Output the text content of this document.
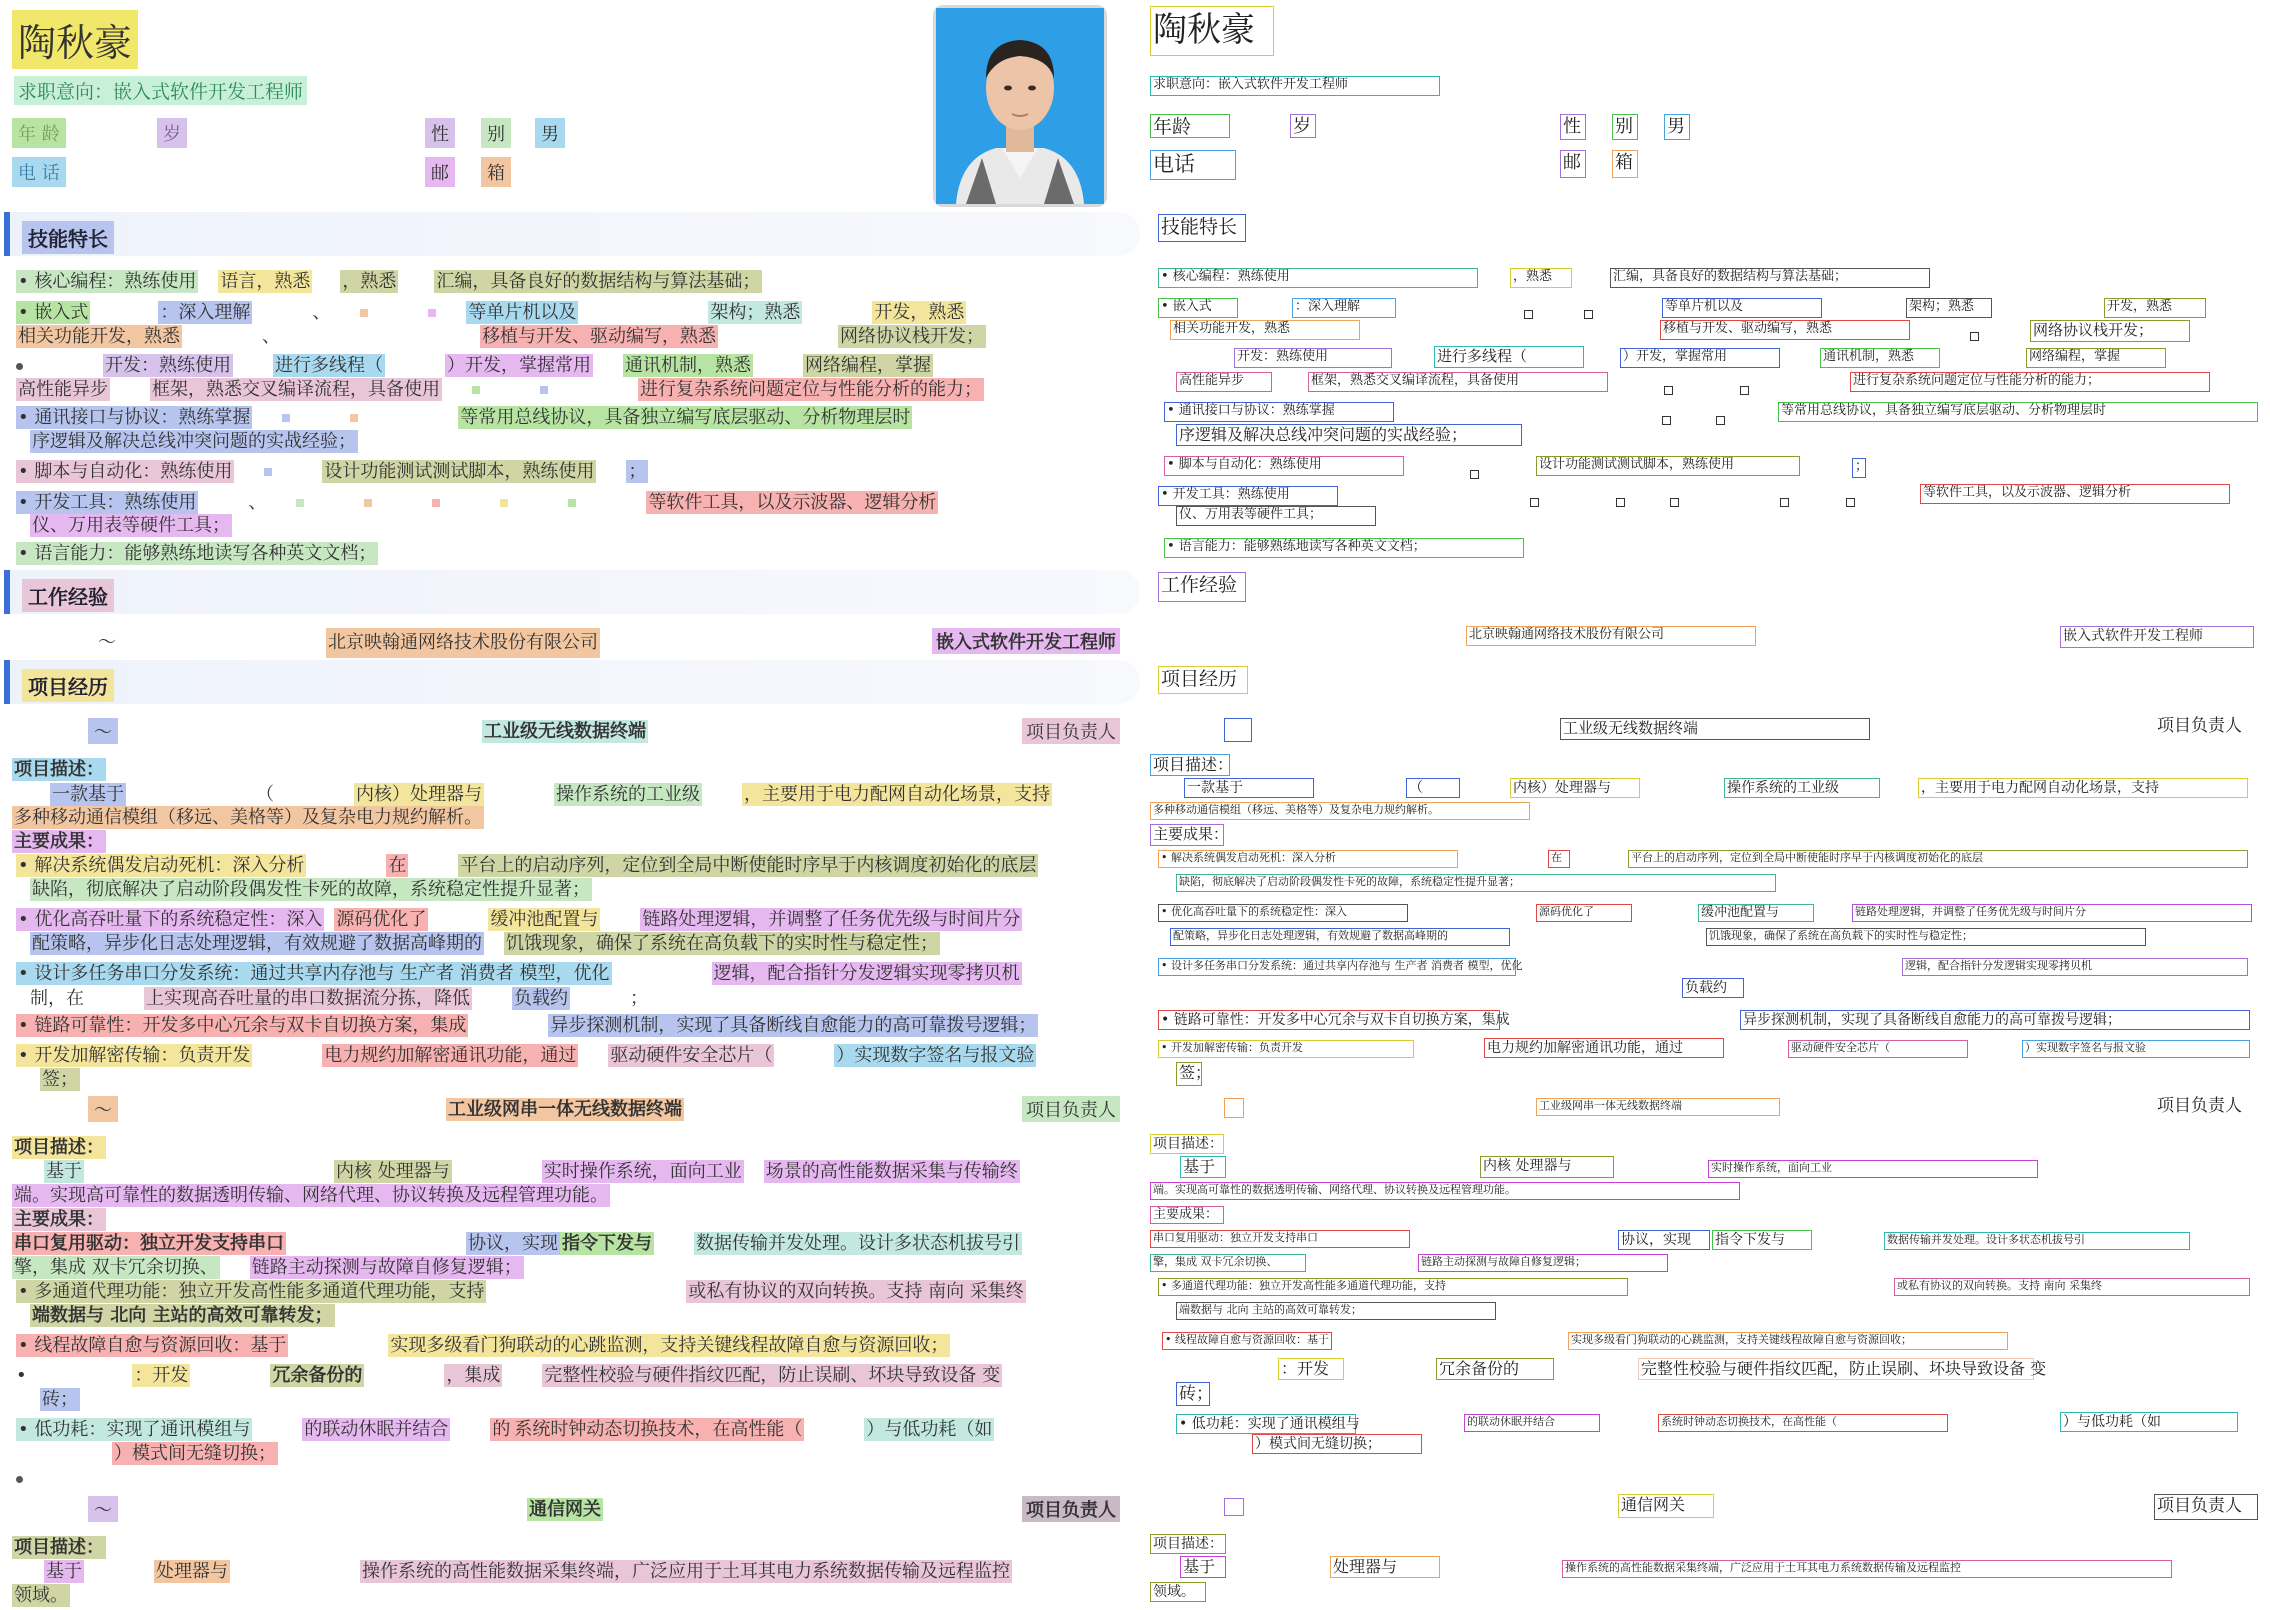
陶秋豪
求职意向：嵌入式软件开发工程师
年 龄	岁	性	别	男
电 话	邮	箱
技能特长
• 核心编程：熟练使用 语言，熟悉 ，熟悉 汇编，具备良好的数据结构与算法基础；
• 嵌入式	：深入理解	、	等单片机以及	架构；熟悉	开发，熟悉
相关功能开发，熟悉	、	移植与开发、驱动编写，熟悉	网络协议栈开发；
开发：熟练使用 进行多线程（	）开发，掌握常用 通讯机制，熟悉	网络编程，掌握
高性能异步 框架，熟悉交叉编译流程，具备使用	进行复杂系统问题定位与性能分析的能力；
• 通讯接口与协议：熟练掌握	等常用总线协议，具备独立编写底层驱动、分析物理层时
序逻辑及解决总线冲突问题的实战经验；
• 脚本与自动化：熟练使用	设计功能测试测试脚本，熟练使用 ；
• 开发工具：熟练使用	、	等软件工具，以及示波器、逻辑分析
仪、万用表等硬件工具；
• 语言能力：能够熟练地读写各种英文文档；
工作经验
～	北京映翰通网络技术股份有限公司	嵌入式软件开发工程师
项目经历
～	工业级无线数据终端	项目负责人
项目描述：
一款基于	（	内核）处理器与	操作系统的工业级 ，主要用于电力配网自动化场景，支持
多种移动通信模组（移远、美格等）及复杂电力规约解析。
主要成果：
• 解决系统偶发启动死机：深入分析	在	平台上的启动序列，定位到全局中断使能时序早于内核调度初始化的底层
缺陷，彻底解决了启动阶段偶发性卡死的故障，系统稳定性提升显著；
• 优化高吞吐量下的系统稳定性：深入 源码优化了	缓冲池配置与 链路处理逻辑，并调整了任务优先级与时间片分
配策略，异步化日志处理逻辑，有效规避了数据高峰期的 饥饿现象，确保了系统在高负载下的实时性与稳定性；
• 设计多任务串口分发系统：通过共享内存池与 生产者 消费者 模型，优化	逻辑，配合指针分发逻辑实现零拷贝机
制，在	上实现高吞吐量的串口数据流分拣，降低 负载约	；
• 链路可靠性：开发多中心冗余与双卡自切换方案，集成	异步探测机制，实现了具备断线自愈能力的高可靠拨号逻辑；
• 开发加解密传输：负责开发	电力规约加解密通讯功能，通过 驱动硬件安全芯片（	）实现数字签名与报文验
签；
～	工业级网串一体无线数据终端	项目负责人
项目描述：
基于	内核 处理器与	实时操作系统，面向工业 场景的高性能数据采集与传输终
端。实现高可靠性的数据透明传输、网络代理、协议转换及远程管理功能。
主要成果：
串口复用驱动：独立开发支持串口	协议，实现 指令下发与 数据传输并发处理。设计多状态机拔号引
擎，集成 双卡冗余切换、 链路主动探测与故障自修复逻辑；
• 多通道代理功能：独立开发高性能多通道代理功能，支持	或私有协议的双向转换。支持 南向 采集终
端数据与 北向 主站的高效可靠转发；
• 线程故障自愈与资源回收：基于	实现多级看门狗联动的心跳监测，支持关键线程故障自愈与资源回收；
•	：开发	冗余备份的	，集成 完整性校验与硬件指纹匹配，防止误刷、坏块导致设备 变
砖；
• 低功耗：实现了通讯模组与	的联动休眠并结合 的 系统时钟动态切换技术，在高性能（	）与低功耗（如
）模式间无缝切换；
～	通信网关	项目负责人
项目描述：
基于	处理器与	操作系统的高性能数据采集终端，广泛应用于土耳其电力系统数据传输及远程监控
领域。
陶秋豪
求职意向：嵌入式软件开发工程师
年龄	岁	性 别 男
电话	邮 箱
技能特长
• 核心编程：熟练使用	，熟悉	汇编，具备良好的数据结构与算法基础；
• 嵌入式	：深入理解	等单片机以及	架构；熟悉	开发，熟悉
相关功能开发，熟悉	移植与开发、驱动编写，熟悉	网络协议栈开发；
开发：熟练使用	进行多线程（	）开发，掌握常用	通讯机制，熟悉	网络编程，掌握
高性能异步	框架，熟悉交叉编译流程，具备使用	进行复杂系统问题定位与性能分析的能力；
• 通讯接口与协议：熟练掌握	等常用总线协议，具备独立编写底层驱动、分析物理层时
序逻辑及解决总线冲突问题的实战经验；
• 脚本与自动化：熟练使用	设计功能测试测试脚本，熟练使用	；
• 开发工具：熟练使用	等软件工具，以及示波器、逻辑分析
仪、万用表等硬件工具；
• 语言能力：能够熟练地读写各种英文文档；
工作经验
北京映翰通网络技术股份有限公司	嵌入式软件开发工程师
项目经历
工业级无线数据终端	项目负责人
项目描述：
一款基于	（	内核）处理器与	操作系统的工业级	，主要用于电力配网自动化场景，支持
多种移动通信模组（移远、美格等）及复杂电力规约解析。
主要成果：
• 解决系统偶发启动死机：深入分析	在	平台上的启动序列，定位到全局中断使能时序早于内核调度初始化的底层
缺陷，彻底解决了启动阶段偶发性卡死的故障，系统稳定性提升显著；
• 优化高吞吐量下的系统稳定性：深入	源码优化了	缓冲池配置与	链路处理逻辑，并调整了任务优先级与时间片分
配策略，异步化日志处理逻辑，有效规避了数据高峰期的	饥饿现象，确保了系统在高负载下的实时性与稳定性；
• 设计多任务串口分发系统：通过共享内存池与 生产者 消费者 模型，优化	逻辑，配合指针分发逻辑实现零拷贝机
负载约
• 链路可靠性：开发多中心冗余与双卡自切换方案，集成	异步探测机制，实现了具备断线自愈能力的高可靠拨号逻辑；
• 开发加解密传输：负责开发	电力规约加解密通讯功能，通过	驱动硬件安全芯片（	）实现数字签名与报文验
签；
工业级网串一体无线数据终端	项目负责人
项目描述：
基于	内核 处理器与	实时操作系统，面向工业
端。实现高可靠性的数据透明传输、网络代理、协议转换及远程管理功能。
主要成果：
串口复用驱动：独立开发支持串口	协议，实现	指令下发与	数据传输并发处理。设计多状态机拔号引
擎，集成 双卡冗余切换、	链路主动探测与故障自修复逻辑；
• 多通道代理功能：独立开发高性能多通道代理功能，支持	或私有协议的双向转换。支持 南向 采集终
端数据与 北向 主站的高效可靠转发；
• 线程故障自愈与资源回收：基于	实现多级看门狗联动的心跳监测，支持关键线程故障自愈与资源回收；
：开发	冗余备份的	完整性校验与硬件指纹匹配，防止误刷、坏块导致设备 变
砖；
• 低功耗：实现了通讯模组与	的联动休眠并结合	系统时钟动态切换技术，在高性能（	）与低功耗（如
）模式间无缝切换；
通信网关	项目负责人
项目描述：
基于	处理器与	操作系统的高性能数据采集终端，广泛应用于土耳其电力系统数据传输及远程监控
领域。
